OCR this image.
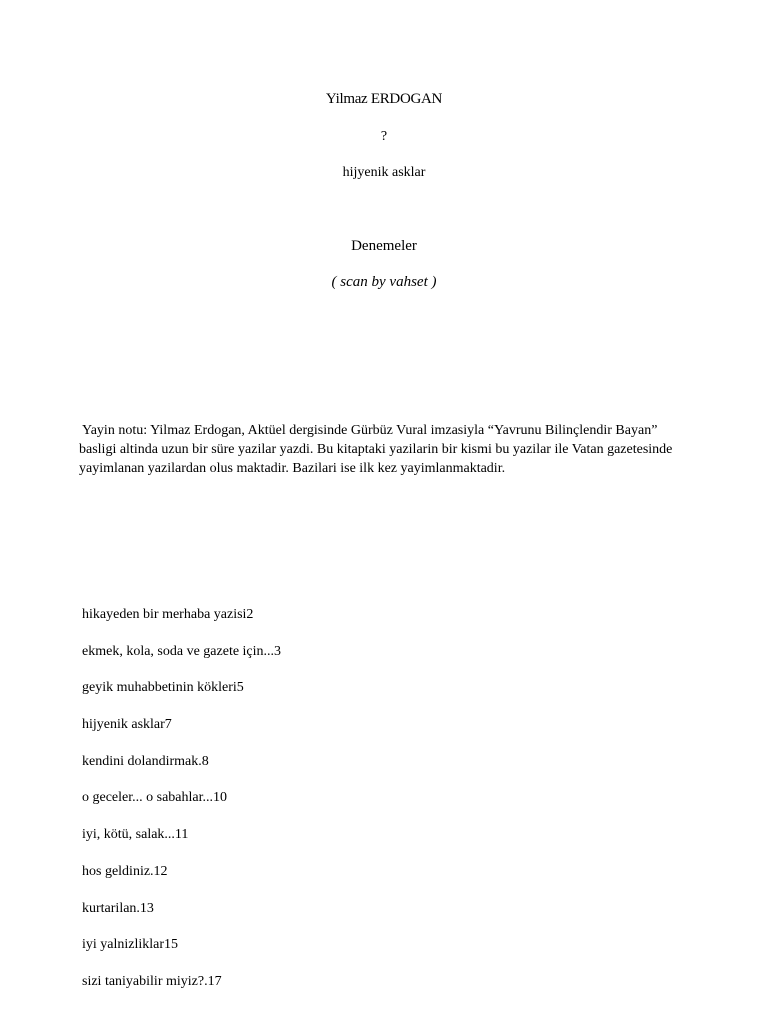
Yilmaz ERDOGAN
?
hijyenik asklar
Denemeler
( scan by vahset )
Yayin notu: Yilmaz Erdogan, Aktüel dergisinde Gürbüz Vural imzasiyla “Yavrunu Bilinçlendir Bayan”
basligi altinda uzun bir süre yazilar yazdi. Bu kitaptaki yazilarin bir kismi bu yazilar ile Vatan gazetesinde
yayimlanan yazilardan olus maktadir. Bazilari ise ilk kez yayimlanmaktadir.
hikayeden bir merhaba yazisi2
ekmek, kola, soda ve gazete için...3
geyik muhabbetinin kökleri5
hijyenik asklar7
kendini dolandirmak.8
o geceler... o sabahlar...10
iyi, kötü, salak...11
hos geldiniz.12
kurtarilan.13
iyi yalnizliklar15
sizi taniyabilir miyiz?.17
